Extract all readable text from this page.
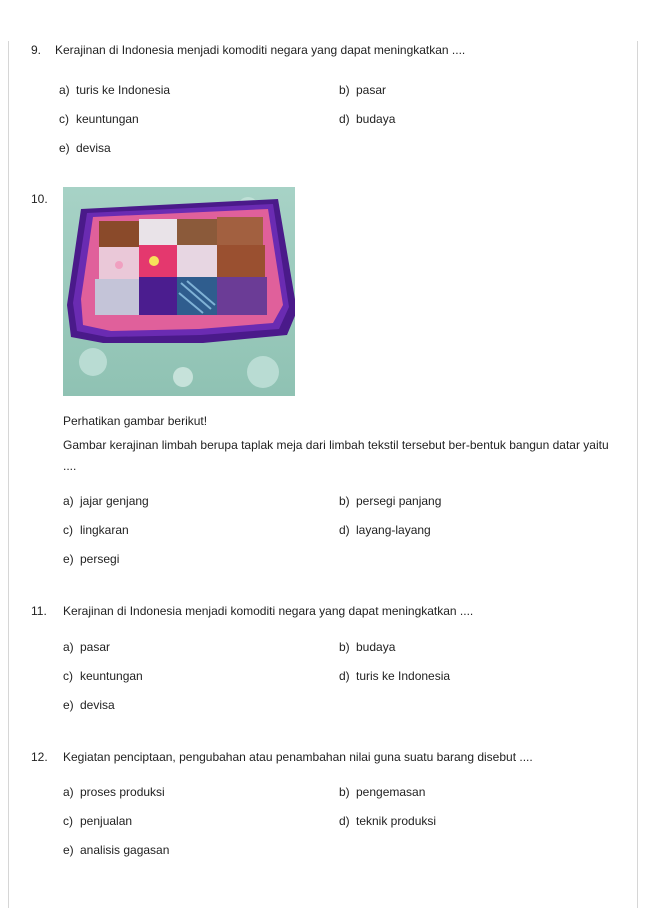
9. Kerajinan di Indonesia menjadi komoditi negara yang dapat meningkatkan ....
a) turis ke Indonesia	b) pasar
c) keuntungan	d) budaya
e) devisa
10.
Perhatikan gambar berikut!
Gambar kerajinan limbah berupa taplak meja dari limbah tekstil tersebut ber-bentuk bangun datar yaitu ....
a) jajar genjang	b) persegi panjang
c) lingkaran	d) layang-layang
e) persegi
11. Kerajinan di Indonesia menjadi komoditi negara yang dapat meningkatkan ....
a) pasar	b) budaya
c) keuntungan	d) turis ke Indonesia
e) devisa
12. Kegiatan penciptaan, pengubahan atau penambahan nilai guna suatu barang disebut ....
a) proses produksi	b) pengemasan
c) penjualan	d) teknik produksi
e) analisis gagasan
